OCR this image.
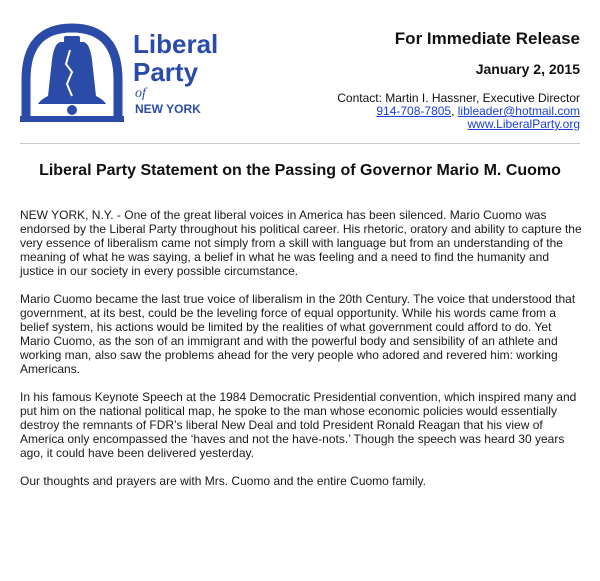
Liberal
Party
of
NEW YORK
For Immediate Release
January 2, 2015
Contact: Martin I. Hassner, Executive Director
914-708-7805, libleader@hotmail.com
www.LiberalParty.org
Liberal Party Statement on the Passing of Governor Mario M. Cuomo

NEW YORK, N.Y. - One of the great liberal voices in America has been silenced. Mario Cuomo was endorsed by the Liberal Party throughout his political career. His rhetoric, oratory and ability to capture the very essence of liberalism came not simply from a skill with language but from an understanding of the meaning of what he was saying, a belief in what he was feeling and a need to find the humanity and justice in our society in every possible circumstance.

Mario Cuomo became the last true voice of liberalism in the 20th Century. The voice that understood that government, at its best, could be the leveling force of equal opportunity. While his words came from a belief system, his actions would be limited by the realities of what government could afford to do. Yet Mario Cuomo, as the son of an immigrant and with the powerful body and sensibility of an athlete and working man, also saw the problems ahead for the very people who adored and revered him: working Americans.

In his famous Keynote Speech at the 1984 Democratic Presidential convention, which inspired many and put him on the national political map, he spoke to the man whose economic policies would essentially destroy the remnants of FDR’s liberal New Deal and told President Ronald Reagan that his view of America only encompassed the ‘haves and not the have-nots.’ Though the speech was heard 30 years ago, it could have been delivered yesterday.

Our thoughts and prayers are with Mrs. Cuomo and the entire Cuomo family.
